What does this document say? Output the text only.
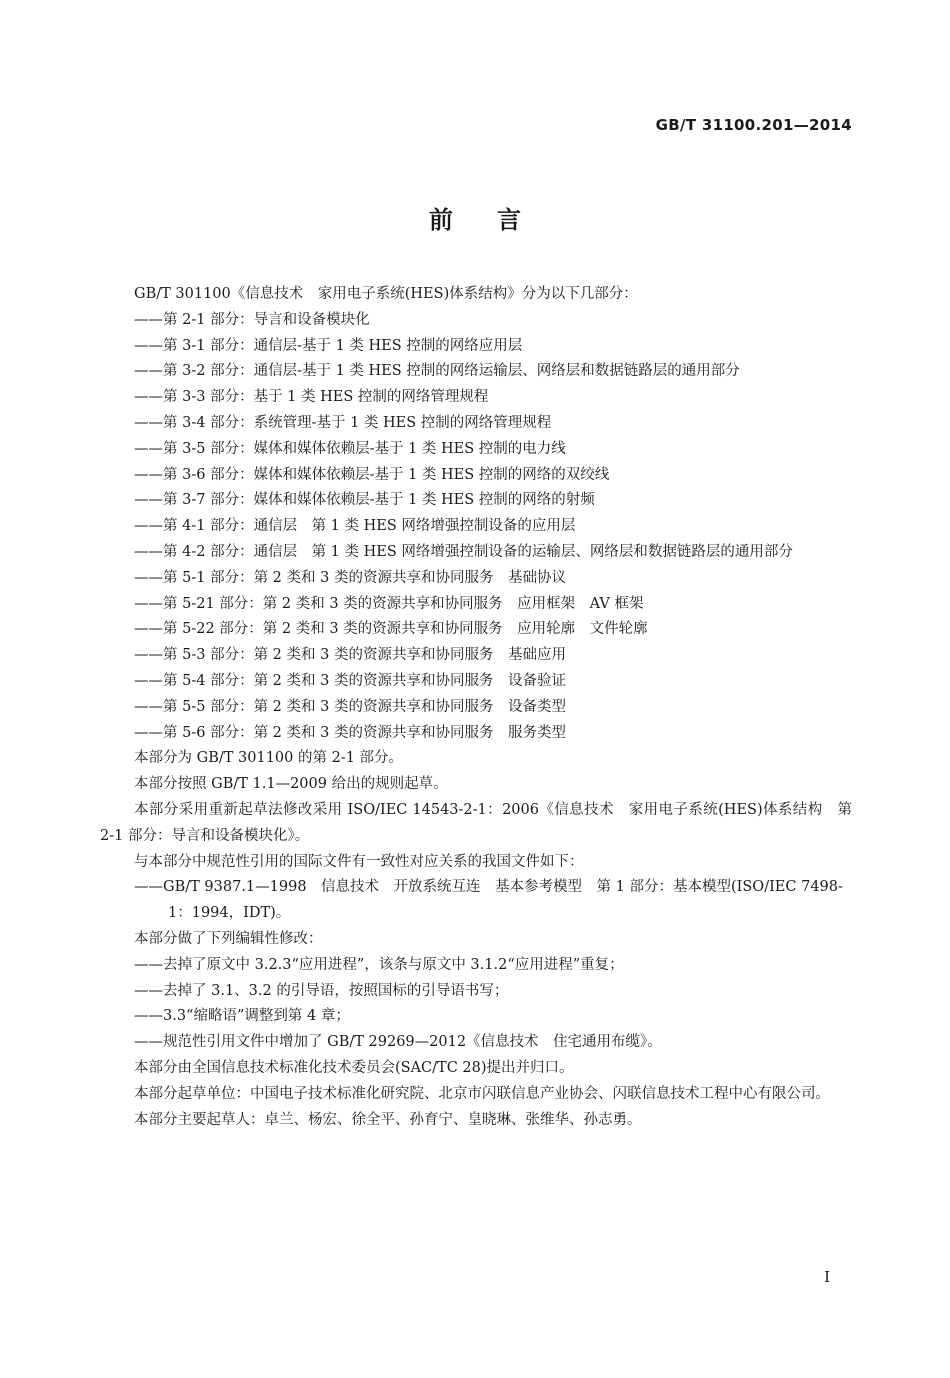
GB/T 31100.201—2014
前言
GB/T 301100《信息技术　家用电子系统(HES)体系结构》分为以下几部分：
——第 2-1 部分：导言和设备模块化
——第 3-1 部分：通信层-基于 1 类 HES 控制的网络应用层
——第 3-2 部分：通信层-基于 1 类 HES 控制的网络运输层、网络层和数据链路层的通用部分
——第 3-3 部分：基于 1 类 HES 控制的网络管理规程
——第 3-4 部分：系统管理-基于 1 类 HES 控制的网络管理规程
——第 3-5 部分：媒体和媒体依赖层-基于 1 类 HES 控制的电力线
——第 3-6 部分：媒体和媒体依赖层-基于 1 类 HES 控制的网络的双绞线
——第 3-7 部分：媒体和媒体依赖层-基于 1 类 HES 控制的网络的射频
——第 4-1 部分：通信层　第 1 类 HES 网络增强控制设备的应用层
——第 4-2 部分：通信层　第 1 类 HES 网络增强控制设备的运输层、网络层和数据链路层的通用部分
——第 5-1 部分：第 2 类和 3 类的资源共享和协同服务　基础协议
——第 5-21 部分：第 2 类和 3 类的资源共享和协同服务　应用框架　AV 框架
——第 5-22 部分：第 2 类和 3 类的资源共享和协同服务　应用轮廓　文件轮廓
——第 5-3 部分：第 2 类和 3 类的资源共享和协同服务　基础应用
——第 5-4 部分：第 2 类和 3 类的资源共享和协同服务　设备验证
——第 5-5 部分：第 2 类和 3 类的资源共享和协同服务　设备类型
——第 5-6 部分：第 2 类和 3 类的资源共享和协同服务　服务类型
本部分为 GB/T 301100 的第 2-1 部分。
本部分按照 GB/T 1.1—2009 给出的规则起草。
本部分采用重新起草法修改采用 ISO/IEC 14543-2-1：2006《信息技术　家用电子系统(HES)体系结构　第 2-1 部分：导言和设备模块化》。
与本部分中规范性引用的国际文件有一致性对应关系的我国文件如下：
——GB/T 9387.1—1998　信息技术　开放系统互连　基本参考模型　第 1 部分：基本模型(ISO/IEC 7498-1：1994，IDT)。
本部分做了下列编辑性修改：
——去掉了原文中 3.2.3“应用进程”，该条与原文中 3.1.2“应用进程”重复；
——去掉了 3.1、3.2 的引导语，按照国标的引导语书写；
——3.3“缩略语”调整到第 4 章；
——规范性引用文件中增加了 GB/T 29269—2012《信息技术　住宅通用布缆》。
本部分由全国信息技术标准化技术委员会(SAC/TC 28)提出并归口。
本部分起草单位：中国电子技术标准化研究院、北京市闪联信息产业协会、闪联信息技术工程中心有限公司。
本部分主要起草人：卓兰、杨宏、徐全平、孙育宁、皇晓琳、张维华、孙志勇。
I
